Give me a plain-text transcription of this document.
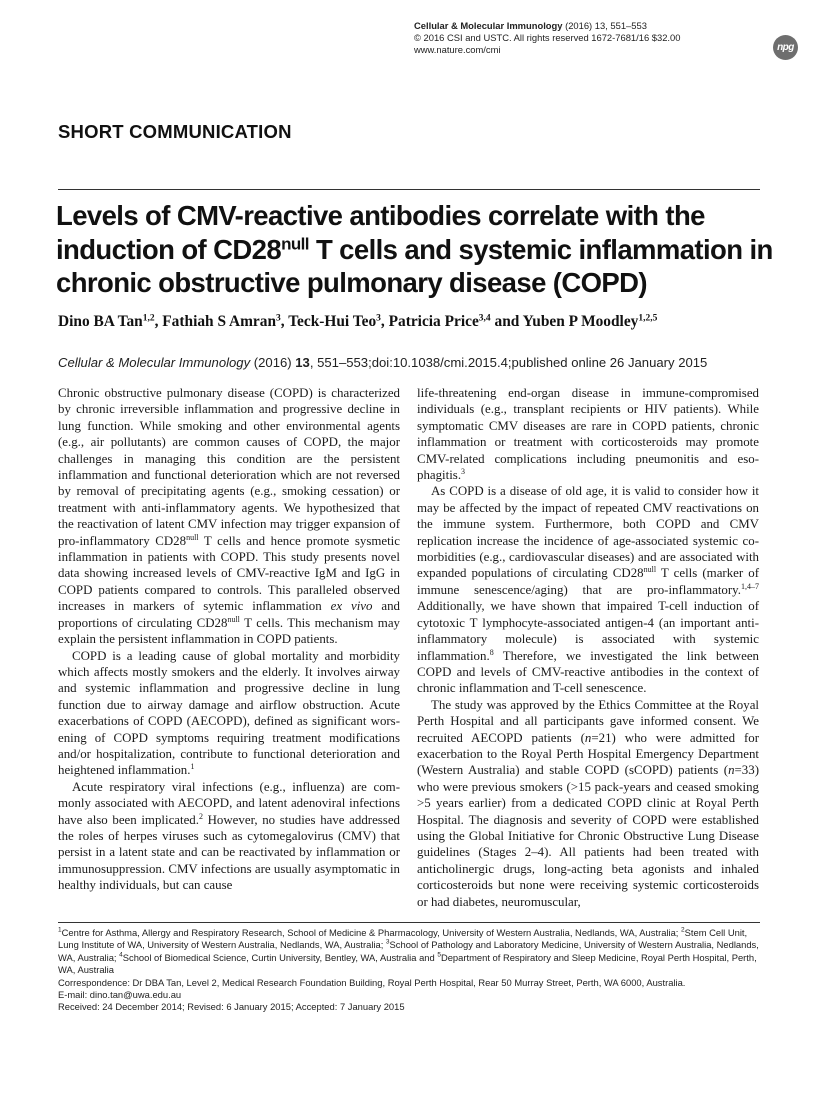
Cellular & Molecular Immunology (2016) 13, 551–553
© 2016 CSI and USTC. All rights reserved 1672-7681/16 $32.00
www.nature.com/cmi	npg
SHORT COMMUNICATION
Levels of CMV-reactive antibodies correlate with the induction of $CD28^{null}$ T cells and systemic inflammation in chronic obstructive pulmonary disease (COPD)
Dino BA Tan$^{1,2}$, Fathiah S Amran$^3$, Teck-Hui Teo$^3$, Patricia Price$^{3,4}$ and Yuben P Moodley$^{1,2,5}$
Cellular & Molecular Immunology (2016) 13, 551–553;doi:10.1038/cmi.2015.4;published online 26 January 2015

Chronic obstructive pulmonary disease (COPD) is characterized by chronic irreversible inflammation and progressive decline in lung function. While smoking and other environmental agents (e.g., air pollutants) are common causes of COPD, the major challenges in managing this condition are the persistent inflammation and functional deterioration which are not reversed by removal of precipitating agents (e.g., smoking cessation) or treatment with anti-inflammatory agents. We hypothesized that the reactivation of latent CMV infection may trigger expansion of pro-inflammatory $CD28^{null}$ T cells and hence promote sysmetic inflammation in patients with COPD. This study presents novel data showing increased levels of CMV-reactive IgM and IgG in COPD patients compared to controls. This paralleled observed increases in markers of sytemic inflammation ex vivo and proportions of circulating $CD28^{null}$ T cells. This mechanism may explain the persistent inflammation in COPD patients.

COPD is a leading cause of global mortality and morbidity which affects mostly smokers and the elderly. It involves airway and systemic inflammation and progressive decline in lung function due to airway damage and airflow obstruction. Acute exacerbations of COPD (AECOPD), defined as significant worsening of COPD symptoms requiring treatment modifications and/or hospitalization, contribute to functional deterioration and heightened inflammation.$^1$

Acute respiratory viral infections (e.g., influenza) are commonly associated with AECOPD, and latent adenoviral infections have also been implicated.$^2$ However, no studies have addressed the roles of herpes viruses such as cytomegalovirus (CMV) that persist in a latent state and can be reactivated by inflammation or immunosuppression. CMV infections are usually asymptomatic in healthy individuals, but can cause

life-threatening end-organ disease in immune-compromised individuals (e.g., transplant recipients or HIV patients). While symptomatic CMV diseases are rare in COPD patients, chronic inflammation or treatment with corticosteroids may promote CMV-related complications including pneumonitis and esophagitis.$^3$

As COPD is a disease of old age, it is valid to consider how it may be affected by the impact of repeated CMV reactivations on the immune system. Furthermore, both COPD and CMV replication increase the incidence of age-associated systemic co-morbidities (e.g., cardiovascular diseases) and are associated with expanded populations of circulating $CD28^{null}$ T cells (marker of immune senescence/aging) that are pro-inflammatory.$^{1,4-7}$ Additionally, we have shown that impaired T-cell induction of cytotoxic T lymphocyte-associated antigen-4 (an important anti-inflammatory molecule) is associated with systemic inflammation.$^8$ Therefore, we investigated the link between COPD and levels of CMV-reactive antibodies in the context of chronic inflammation and T-cell senescence.

The study was approved by the Ethics Committee at the Royal Perth Hospital and all participants gave informed consent. We recruited AECOPD patients (n=21) who were admitted for exacerbation to the Royal Perth Hospital Emergency Department (Western Australia) and stable COPD (sCOPD) patients (n=33) who were previous smokers (>15 pack-years and ceased smoking >5 years earlier) from a dedicated COPD clinic at Royal Perth Hospital. The diagnosis and severity of COPD were established using the Global Initiative for Chronic Obstructive Lung Disease guidelines (Stages 2–4). All patients had been treated with anticholinergic drugs, long-acting beta agonists and inhaled corticosteroids but none were receiving systemic corticosteroids or had diabetes, neuromuscular,

$^1$Centre for Asthma, Allergy and Respiratory Research, School of Medicine & Pharmacology, University of Western Australia, Nedlands, WA, Australia; $^2$Stem Cell Unit, Lung Institute of WA, University of Western Australia, Nedlands, WA, Australia; $^3$School of Pathology and Laboratory Medicine, University of Western Australia, Nedlands, WA, Australia; $^4$School of Biomedical Science, Curtin University, Bentley, WA, Australia and $^5$Department of Respiratory and Sleep Medicine, Royal Perth Hospital, Perth, WA, Australia

Correspondence: Dr DBA Tan, Level 2, Medical Research Foundation Building, Royal Perth Hospital, Rear 50 Murray Street, Perth, WA 6000, Australia.

E-mail: dino.tan@uwa.edu.au

Received: 24 December 2014; Revised: 6 January 2015; Accepted: 7 January 2015
